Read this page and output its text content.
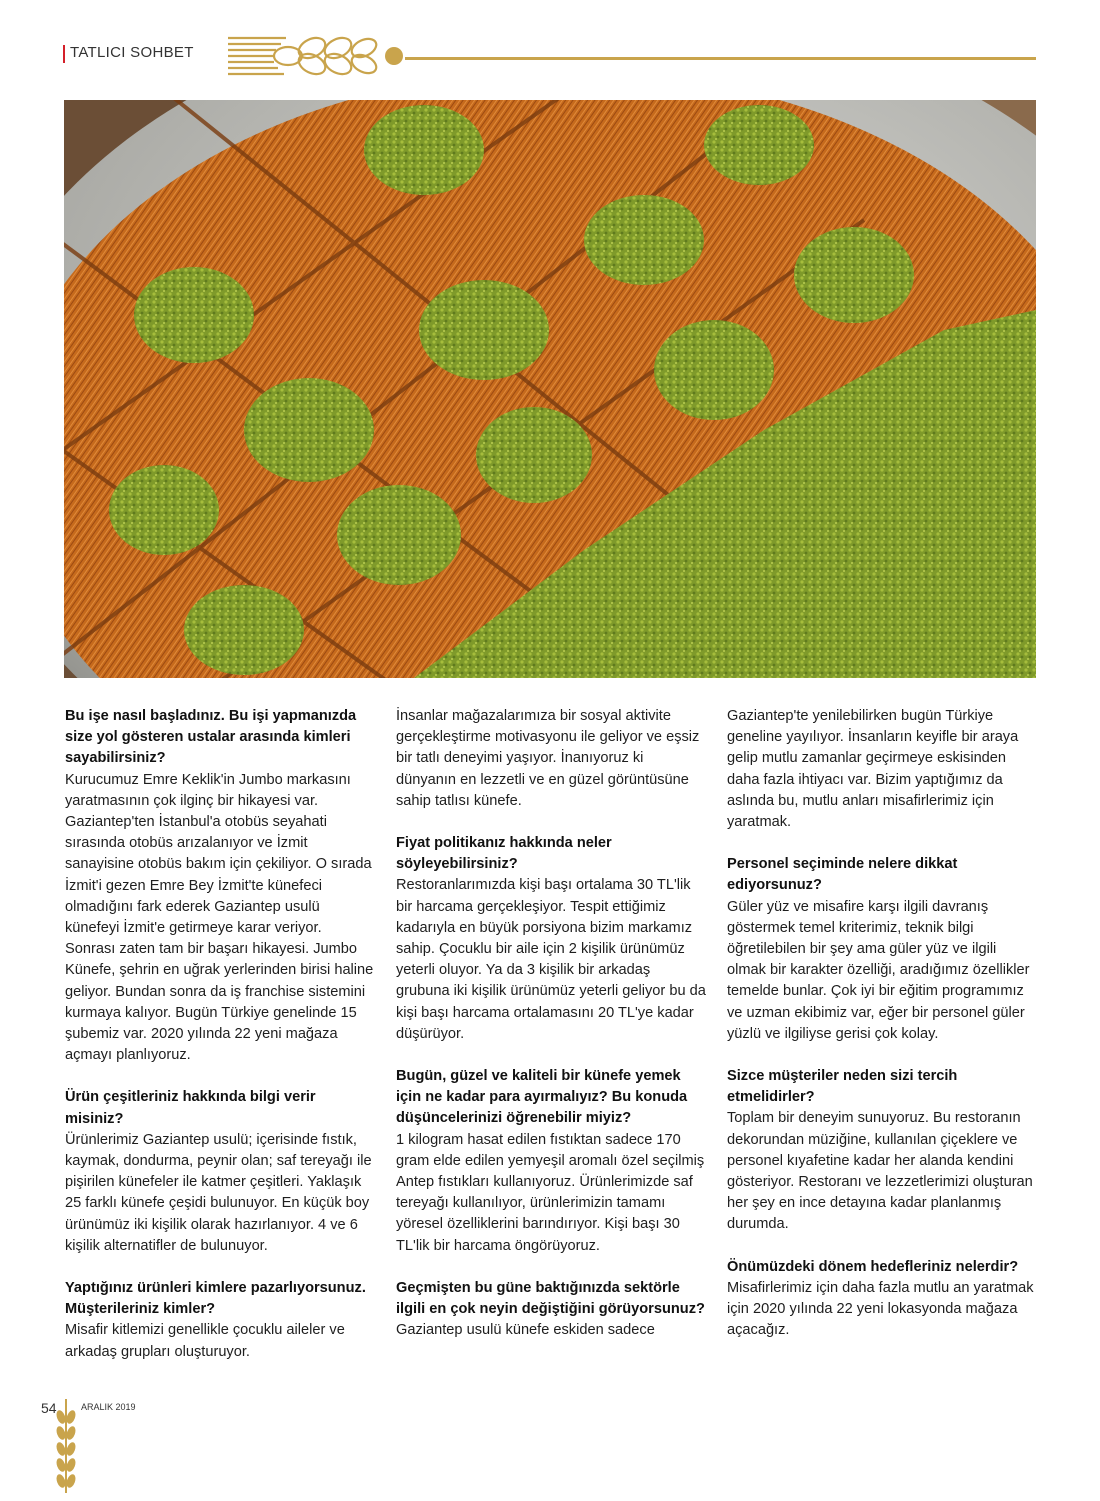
TATLICI SOHBET
Bu işe nasıl başladınız. Bu işi yapmanızda size yol gösteren ustalar arasında kimleri sayabilirsiniz?

Kurucumuz Emre Keklik'in Jumbo markasını yaratmasının çok ilginç bir hikayesi var. Gaziantep'ten İstanbul'a otobüs seyahati sırasında otobüs arızalanıyor ve İzmit sanayisine otobüs bakım için çekiliyor. O sırada İzmit'i gezen Emre Bey İzmit'te künefeci olmadığını fark ederek Gaziantep usulü künefeyi İzmit'e getirmeye karar veriyor. Sonrası zaten tam bir başarı hikayesi. Jumbo Künefe, şehrin en uğrak yerlerinden birisi haline geliyor. Bundan sonra da iş franchise sistemini kurmaya kalıyor. Bugün Türkiye genelinde 15 şubemiz var. 2020 yılında 22 yeni mağaza açmayı planlıyoruz.

Ürün çeşitleriniz hakkında bilgi verir misiniz?

Ürünlerimiz Gaziantep usulü; içerisinde fıstık, kaymak, dondurma, peynir olan; saf tereyağı ile pişirilen künefeler ile katmer çeşitleri. Yaklaşık 25 farklı künefe çeşidi bulunuyor. En küçük boy ürünümüz iki kişilik olarak hazırlanıyor. 4 ve 6 kişilik alternatifler de bulunuyor.

Yaptığınız ürünleri kimlere pazarlıyorsunuz. Müşterileriniz kimler?

Misafir kitlemizi genellikle çocuklu aileler ve arkadaş grupları oluşturuyor.

İnsanlar mağazalarımıza bir sosyal aktivite gerçekleştirme motivasyonu ile geliyor ve eşsiz bir tatlı deneyimi yaşıyor. İnanıyoruz ki dünyanın en lezzetli ve en güzel görüntüsüne sahip tatlısı künefe.

Fiyat politikanız hakkında neler söyleyebilirsiniz?

Restoranlarımızda kişi başı ortalama 30 TL'lik bir harcama gerçekleşiyor. Tespit ettiğimiz kadarıyla en büyük porsiyona bizim markamız sahip. Çocuklu bir aile için 2 kişilik ürünümüz yeterli oluyor. Ya da 3 kişilik bir arkadaş grubuna iki kişilik ürünümüz yeterli geliyor bu da kişi başı harcama ortalamasını 20 TL'ye kadar düşürüyor.

Bugün, güzel ve kaliteli bir künefe yemek için ne kadar para ayırmalıyız? Bu konuda düşüncelerinizi öğrenebilir miyiz?

1 kilogram hasat edilen fıstıktan sadece 170 gram elde edilen yemyeşil aromalı özel seçilmiş Antep fıstıkları kullanıyoruz. Ürünlerimizde saf tereyağı kullanılıyor, ürünlerimizin tamamı yöresel özelliklerini barındırıyor. Kişi başı 30 TL'lik bir harcama öngörüyoruz.

Geçmişten bu güne baktığınızda sektörle ilgili en çok neyin değiştiğini görüyorsunuz?

Gaziantep usulü künefe eskiden sadece

Gaziantep'te yenilebilirken bugün Türkiye geneline yayılıyor. İnsanların keyifle bir araya gelip mutlu zamanlar geçirmeye eskisinden daha fazla ihtiyacı var. Bizim yaptığımız da aslında bu, mutlu anları misafirlerimiz için yaratmak.

Personel seçiminde nelere dikkat ediyorsunuz?

Güler yüz ve misafire karşı ilgili davranış göstermek temel kriterimiz, teknik bilgi öğretilebilen bir şey ama güler yüz ve ilgili olmak bir karakter özelliği, aradığımız özellikler temelde bunlar. Çok iyi bir eğitim programımız ve uzman ekibimiz var, eğer bir personel güler yüzlü ve ilgiliyse gerisi çok kolay.

Sizce müşteriler neden sizi tercih etmelidirler?

Toplam bir deneyim sunuyoruz. Bu restoranın dekorundan müziğine, kullanılan çiçeklere ve personel kıyafetine kadar her alanda kendini gösteriyor. Restoranı ve lezzetlerimizi oluşturan her şey en ince detayına kadar planlanmış durumda.

Önümüzdeki dönem hedefleriniz nelerdir?

Misafirlerimiz için daha fazla mutlu an yaratmak için 2020 yılında 22 yeni lokasyonda mağaza açacağız.

54	ARALIK 2019
